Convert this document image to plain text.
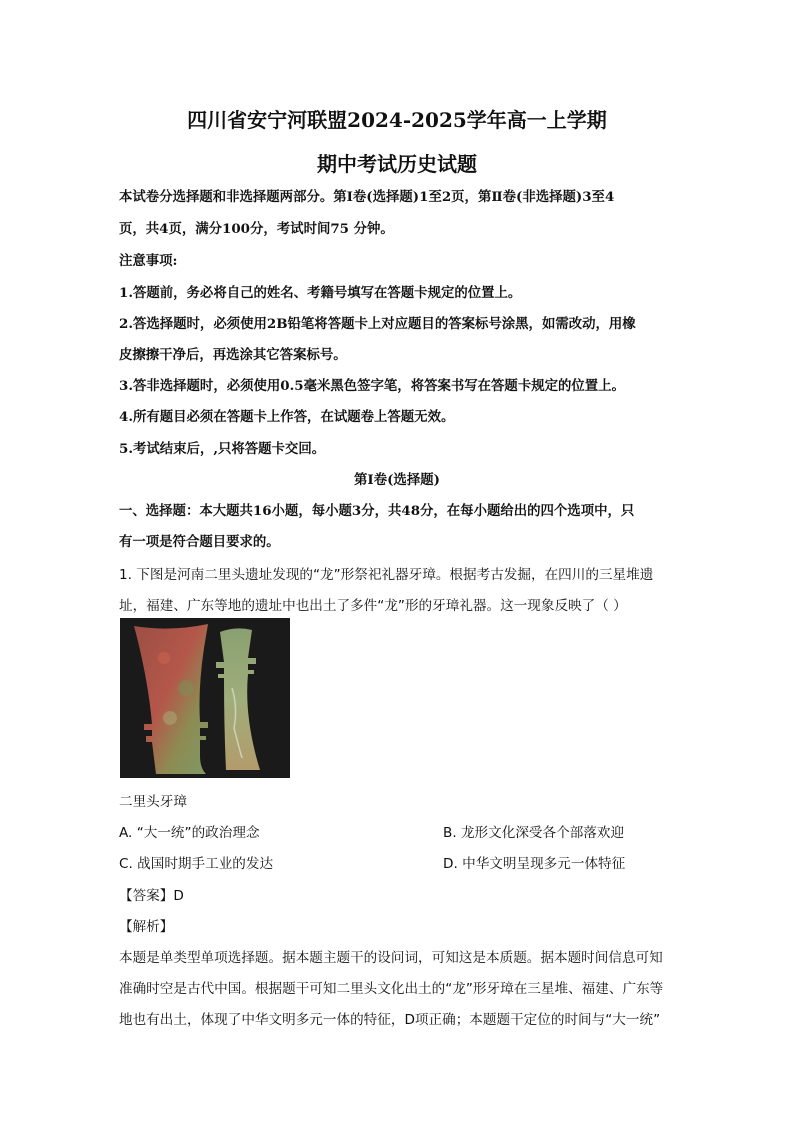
四川省安宁河联盟2024-2025学年高一上学期
期中考试历史试题
本试卷分选择题和非选择题两部分。第Ⅰ卷(选择题)1至2页，第Ⅱ卷(非选择题)3至4
页，共4页，满分100分，考试时间75 分钟。
注意事项:
1.答题前，务必将自己的姓名、考籍号填写在答题卡规定的位置上。
2.答选择题时，必须使用2B铅笔将答题卡上对应题目的答案标号涂黑，如需改动，用橡
皮擦擦干净后，再选涂其它答案标号。
3.答非选择题时，必须使用0.5毫米黑色签字笔，将答案书写在答题卡规定的位置上。
4.所有题目必须在答题卡上作答，在试题卷上答题无效。
5.考试结束后，,只将答题卡交回。
第Ⅰ卷(选择题)
一、选择题：本大题共16小题，每小题3分，共48分，在每小题给出的四个选项中，只
有一项是符合题目要求的。
1. 下图是河南二里头遗址发现的“龙”形祭祀礼器牙璋。根据考古发掘，在四川的三星堆遗
址，福建、广东等地的遗址中也出土了多件“龙”形的牙璋礼器。这一现象反映了（ ）
二里头牙璋
A. “大一统”的政治理念	B. 龙形文化深受各个部落欢迎
C. 战国时期手工业的发达	D. 中华文明呈现多元一体特征
【答案】D
【解析】
本题是单类型单项选择题。据本题主题干的设问词，可知这是本质题。据本题时间信息可知
准确时空是古代中国。根据题干可知二里头文化出土的“龙”形牙璋在三星堆、福建、广东等
地也有出土，体现了中华文明多元一体的特征，D项正确；本题题干定位的时间与“大一统”
